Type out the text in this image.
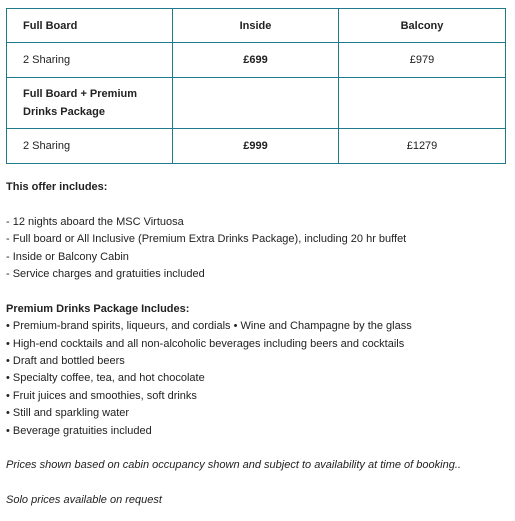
Full Board	Inside	Balcony
2 Sharing	£699	£979
Full Board + Premium
Drinks Package		
2 Sharing	£999	£1279

This offer includes:

- 12 nights aboard the MSC Virtuosa

- Full board or All Inclusive (Premium Extra Drinks Package), including 20 hr buffet

- Inside or Balcony Cabin

- Service charges and gratuities included

Premium Drinks Package Includes:

• Premium-brand spirits, liqueurs, and cordials • Wine and Champagne by the glass

• High-end cocktails and all non-alcoholic beverages including beers and cocktails

• Draft and bottled beers

• Specialty coffee, tea, and hot chocolate

• Fruit juices and smoothies, soft drinks

• Still and sparkling water

• Beverage gratuities included

Prices shown based on cabin occupancy shown and subject to availability at time of booking..

Solo prices available on request
